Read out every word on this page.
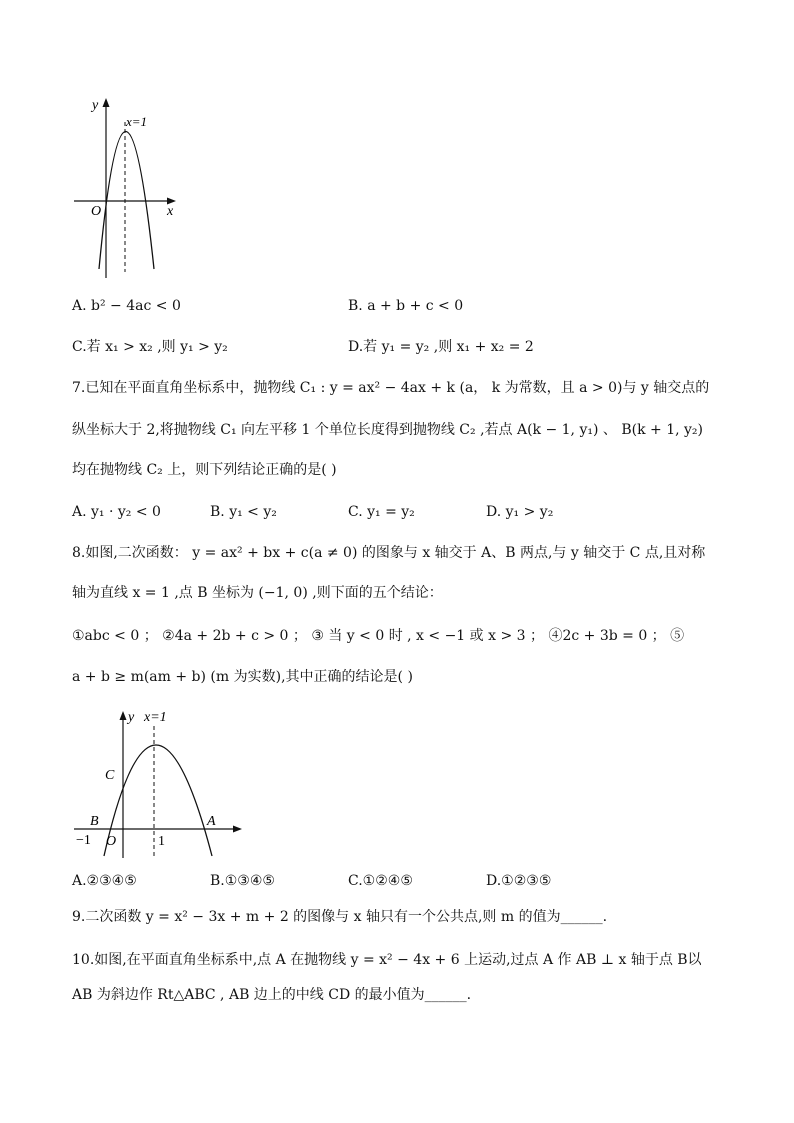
y
x=1
O	x
A. b² − 4ac < 0	B. a + b + c < 0
C.若 x₁ > x₂ ,则 y₁ > y₂	D.若 y₁ = y₂ ,则 x₁ + x₂ = 2
7.已知在平面直角坐标系中，抛物线 C₁ : y = ax² − 4ax + k (a， k 为常数，且 a > 0)与 y 轴交点的
纵坐标大于 2,将抛物线 C₁ 向左平移 1 个单位长度得到抛物线 C₂ ,若点 A(k − 1, y₁) 、 B(k + 1, y₂)
均在抛物线 C₂ 上，则下列结论正确的是( )
A. y₁ · y₂ < 0	B. y₁ < y₂	C. y₁ = y₂	D. y₁ > y₂
8.如图,二次函数： y = ax² + bx + c(a ≠ 0) 的图象与 x 轴交于 A、B 两点,与 y 轴交于 C 点,且对称
轴为直线 x = 1 ,点 B 坐标为 (−1, 0) ,则下面的五个结论：
①abc < 0 ； ②4a + 2b + c > 0 ； ③ 当 y < 0 时 , x < −1 或 x > 3 ； ④2c + 3b = 0 ； ⑤
a + b ≥ m(am + b) (m 为实数),其中正确的结论是( )
y x=1
C
B	A
−1 O	1
A.②③④⑤	B.①③④⑤	C.①②④⑤	D.①②③⑤
9.二次函数 y = x² − 3x + m + 2 的图像与 x 轴只有一个公共点,则 m 的值为______.
10.如图,在平面直角坐标系中,点 A 在抛物线 y = x² − 4x + 6 上运动,过点 A 作 AB ⊥ x 轴于点 B以
AB 为斜边作 Rt△ABC , AB 边上的中线 CD 的最小值为______.
